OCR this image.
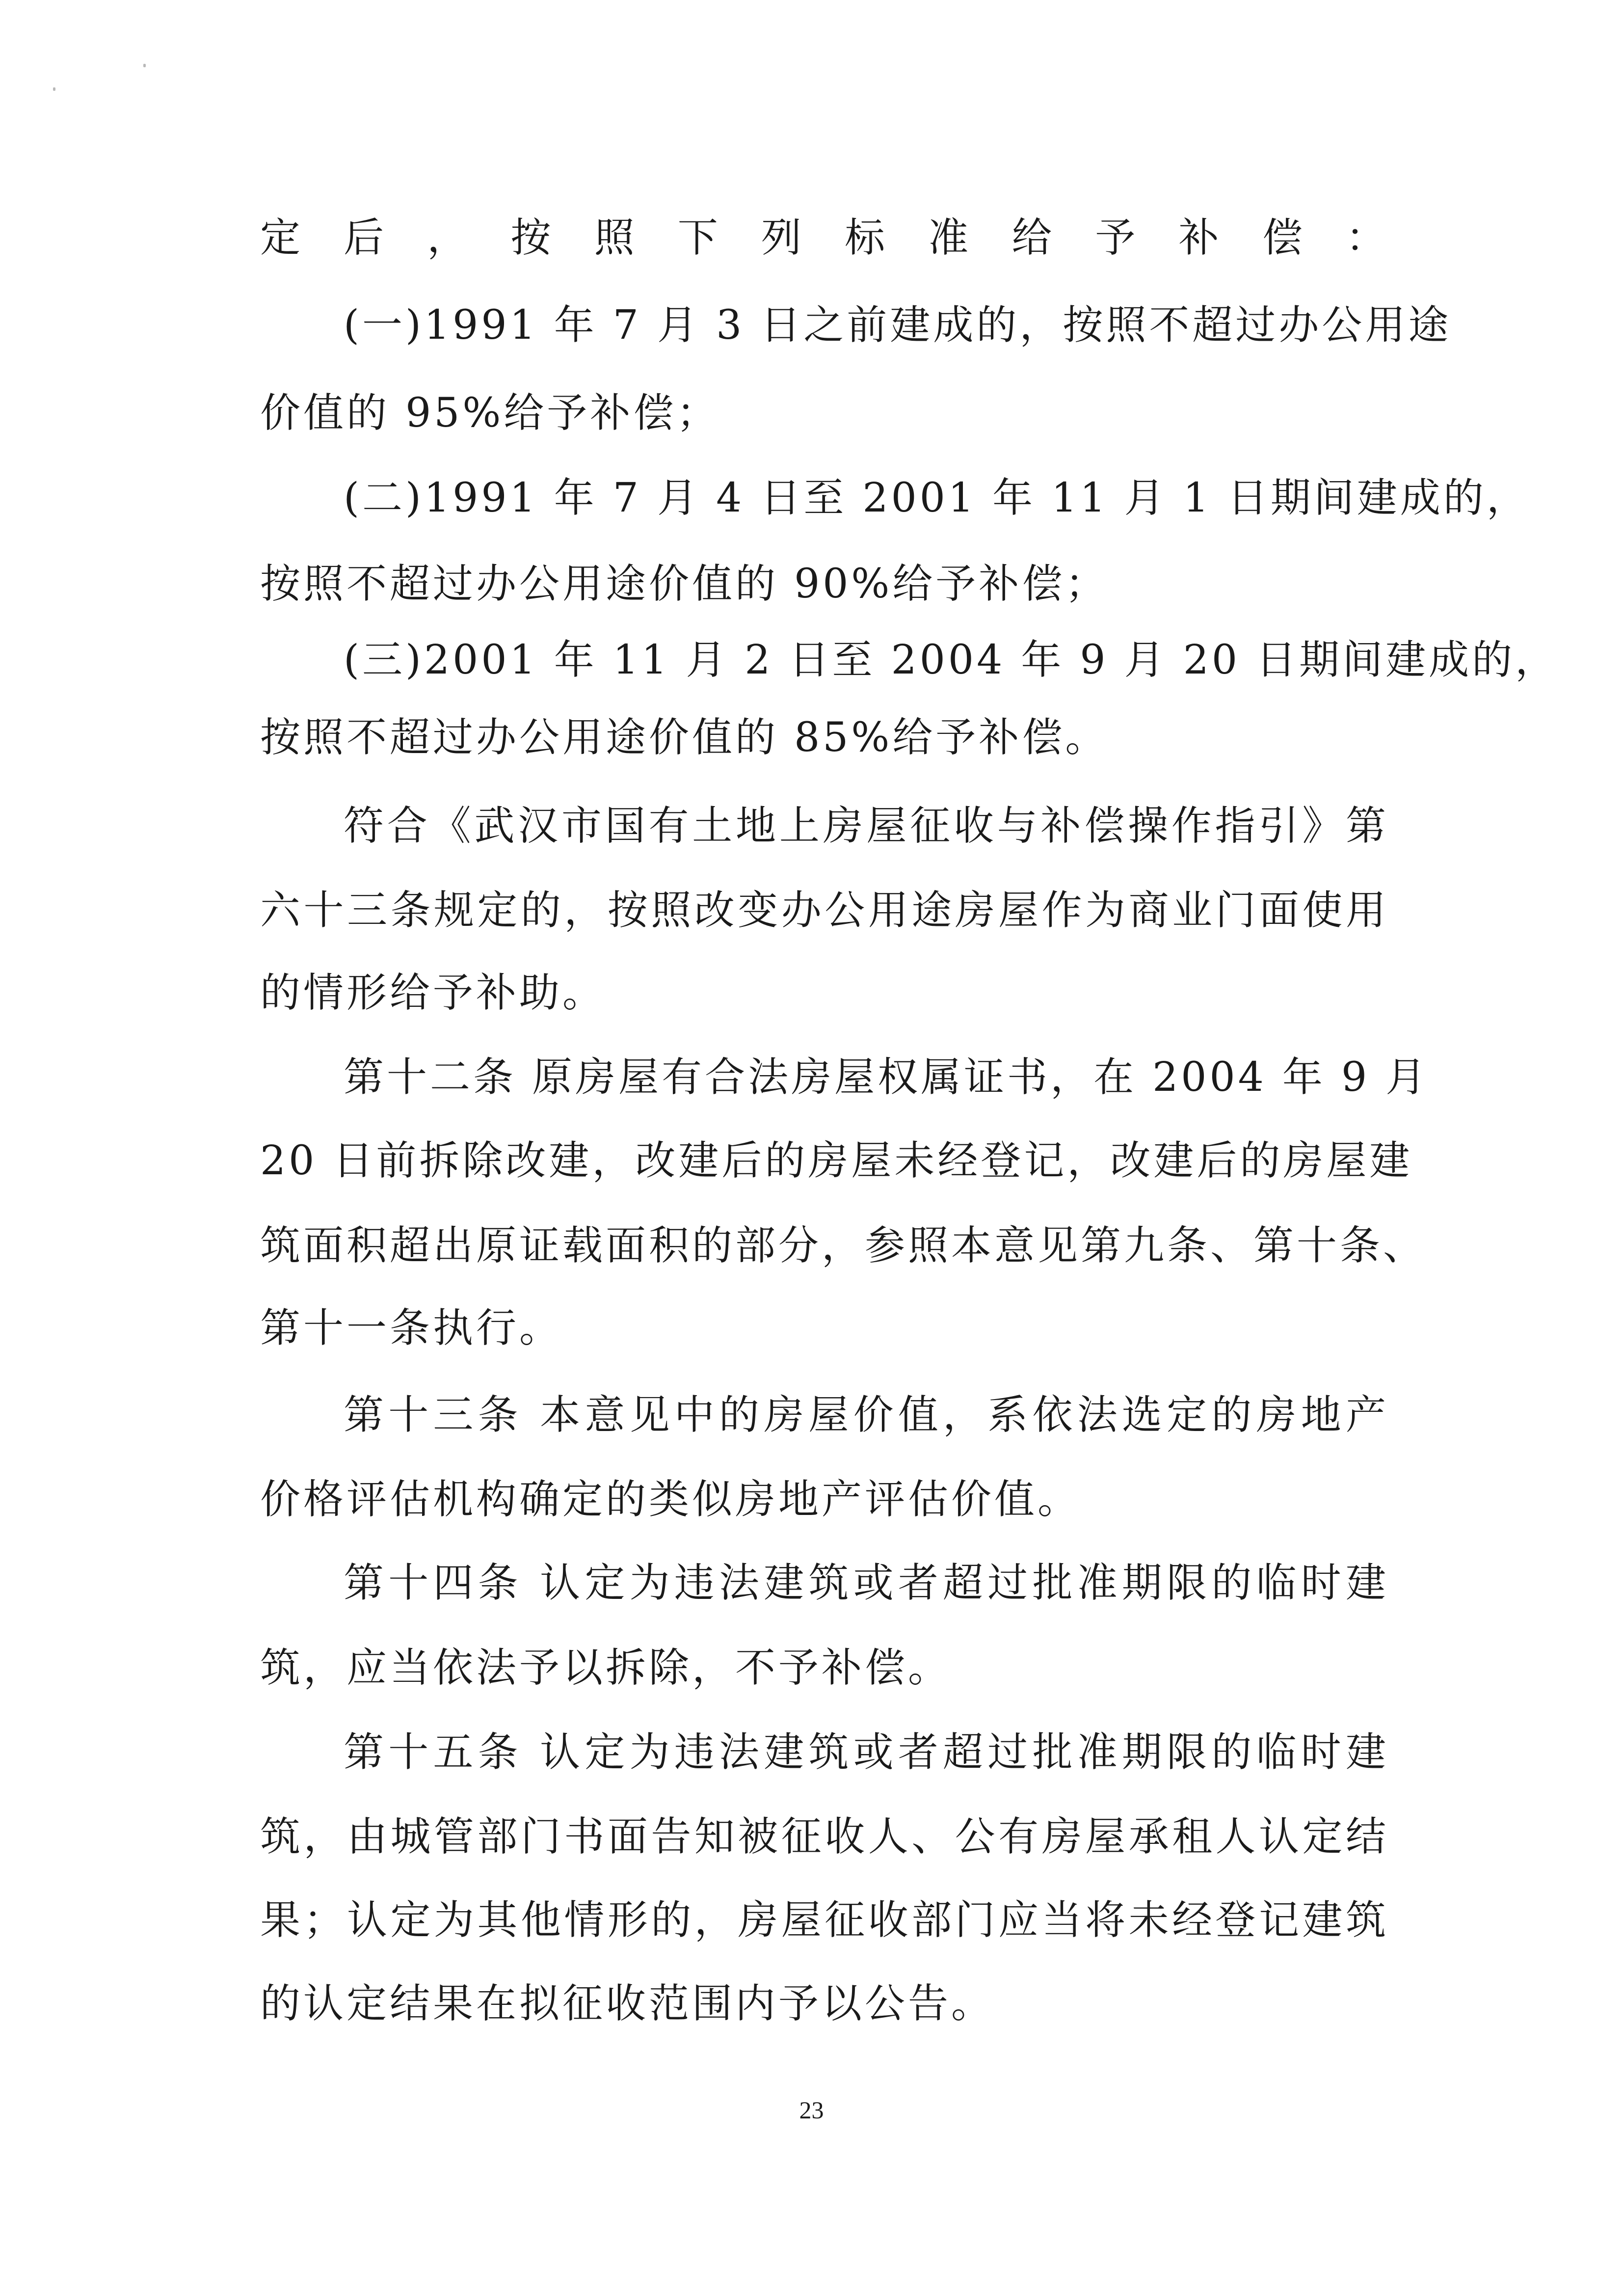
定后，按照下列标准给予补偿：
(一)1991 年 7 月 3 日之前建成的，按照不超过办公用途
价值的 95%给予补偿；
(二)1991 年 7 月 4 日至 2001 年 11 月 1 日期间建成的，
按照不超过办公用途价值的 90%给予补偿；
(三)2001 年 11 月 2 日至 2004 年 9 月 20 日期间建成的，
按照不超过办公用途价值的 85%给予补偿。
符合《武汉市国有土地上房屋征收与补偿操作指引》第
六十三条规定的，按照改变办公用途房屋作为商业门面使用
的情形给予补助。
第十二条 原房屋有合法房屋权属证书，在 2004 年 9 月
20 日前拆除改建，改建后的房屋未经登记，改建后的房屋建
筑面积超出原证载面积的部分，参照本意见第九条、第十条、
第十一条执行。
第十三条 本意见中的房屋价值，系依法选定的房地产
价格评估机构确定的类似房地产评估价值。
第十四条 认定为违法建筑或者超过批准期限的临时建
筑，应当依法予以拆除，不予补偿。
第十五条 认定为违法建筑或者超过批准期限的临时建
筑，由城管部门书面告知被征收人、公有房屋承租人认定结
果；认定为其他情形的，房屋征收部门应当将未经登记建筑
的认定结果在拟征收范围内予以公告。
23
